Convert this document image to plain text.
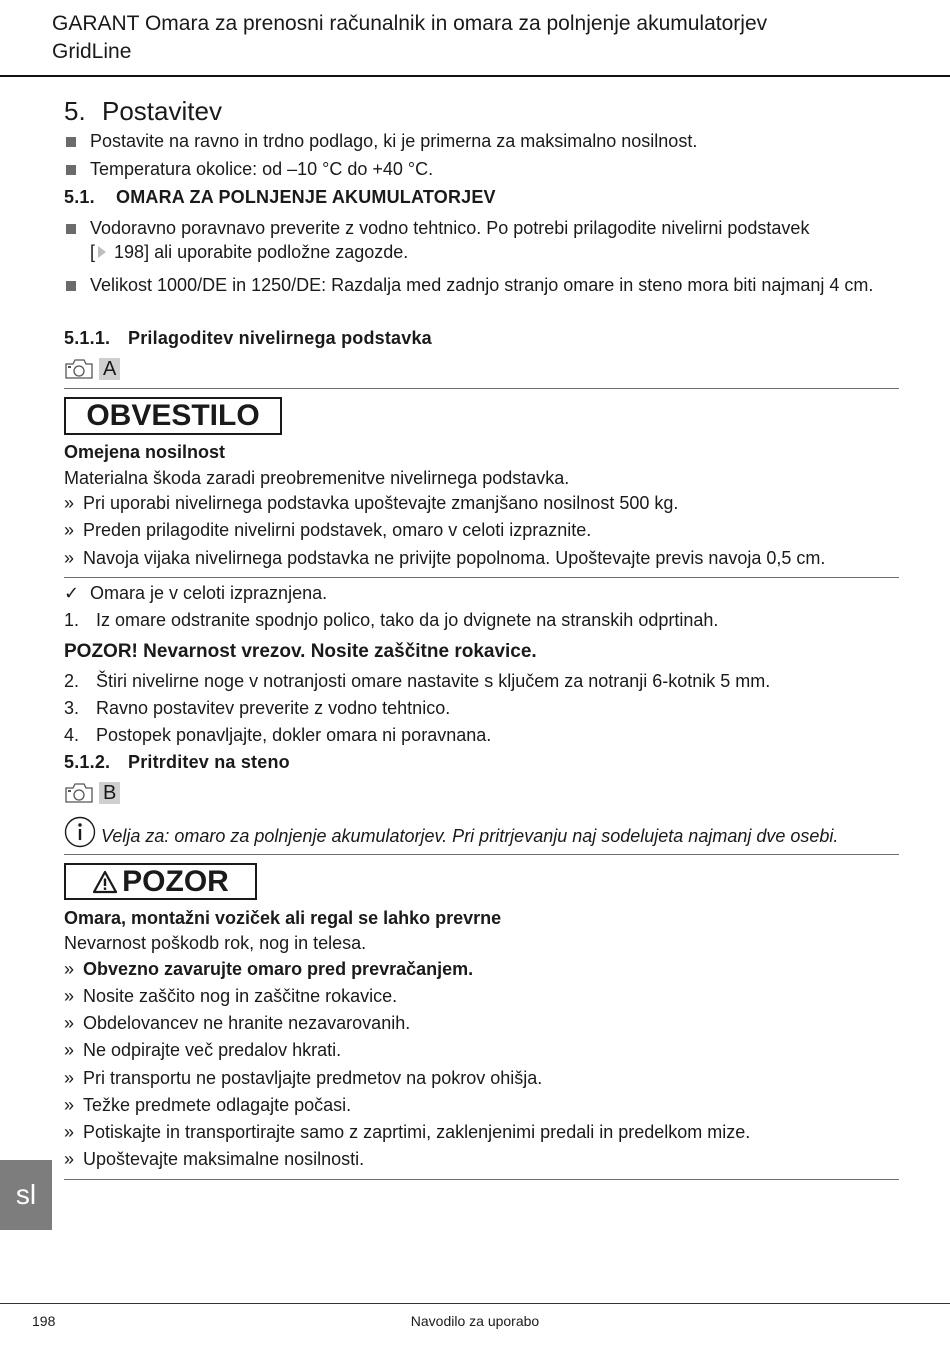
GARANT Omara za prenosni računalnik in omara za polnjenje akumulatorjev
GridLine
5. Postavitev
Postavite na ravno in trdno podlago, ki je primerna za maksimalno nosilnost.
Temperatura okolice: od –10 °C do +40 °C.
5.1. OMARA ZA POLNJENJE AKUMULATORJEV
Vodoravno poravnavo preverite z vodno tehtnico. Po potrebi prilagodite nivelirni podstavek
[ 198] ali uporabite podložne zagozde.
Velikost 1000/DE in 1250/DE: Razdalja med zadnjo stranjo omare in steno mora biti najmanj 4 cm.
5.1.1. Prilagoditev nivelirnega podstavka
A
OBVESTILO
Omejena nosilnost
Materialna škoda zaradi preobremenitve nivelirnega podstavka.
» Pri uporabi nivelirnega podstavka upoštevajte zmanjšano nosilnost 500 kg.
» Preden prilagodite nivelirni podstavek, omaro v celoti izpraznite.
» Navoja vijaka nivelirnega podstavka ne privijte popolnoma. Upoštevajte previs navoja 0,5 cm.
✓ Omara je v celoti izpraznjena.
1. Iz omare odstranite spodnjo polico, tako da jo dvignete na stranskih odprtinah.
POZOR! Nevarnost vrezov. Nosite zaščitne rokavice.
2. Štiri nivelirne noge v notranjosti omare nastavite s ključem za notranji 6-kotnik 5 mm.
3. Ravno postavitev preverite z vodno tehtnico.
4. Postopek ponavljajte, dokler omara ni poravnana.
5.1.2. Pritrditev na steno
B
Velja za: omaro za polnjenje akumulatorjev. Pri pritrjevanju naj sodelujeta najmanj dve osebi.
POZOR
Omara, montažni voziček ali regal se lahko prevrne
Nevarnost poškodb rok, nog in telesa.
» Obvezno zavarujte omaro pred prevračanjem.
» Nosite zaščito nog in zaščitne rokavice.
» Obdelovancev ne hranite nezavarovanih.
» Ne odpirajte več predalov hkrati.
» Pri transportu ne postavljajte predmetov na pokrov ohišja.
» Težke predmete odlagajte počasi.
» Potiskajte in transportirajte samo z zaprtimi, zaklenjenimi predali in predelkom mize.
» Upoštevajte maksimalne nosilnosti.
sl
198	Navodilo za uporabo
